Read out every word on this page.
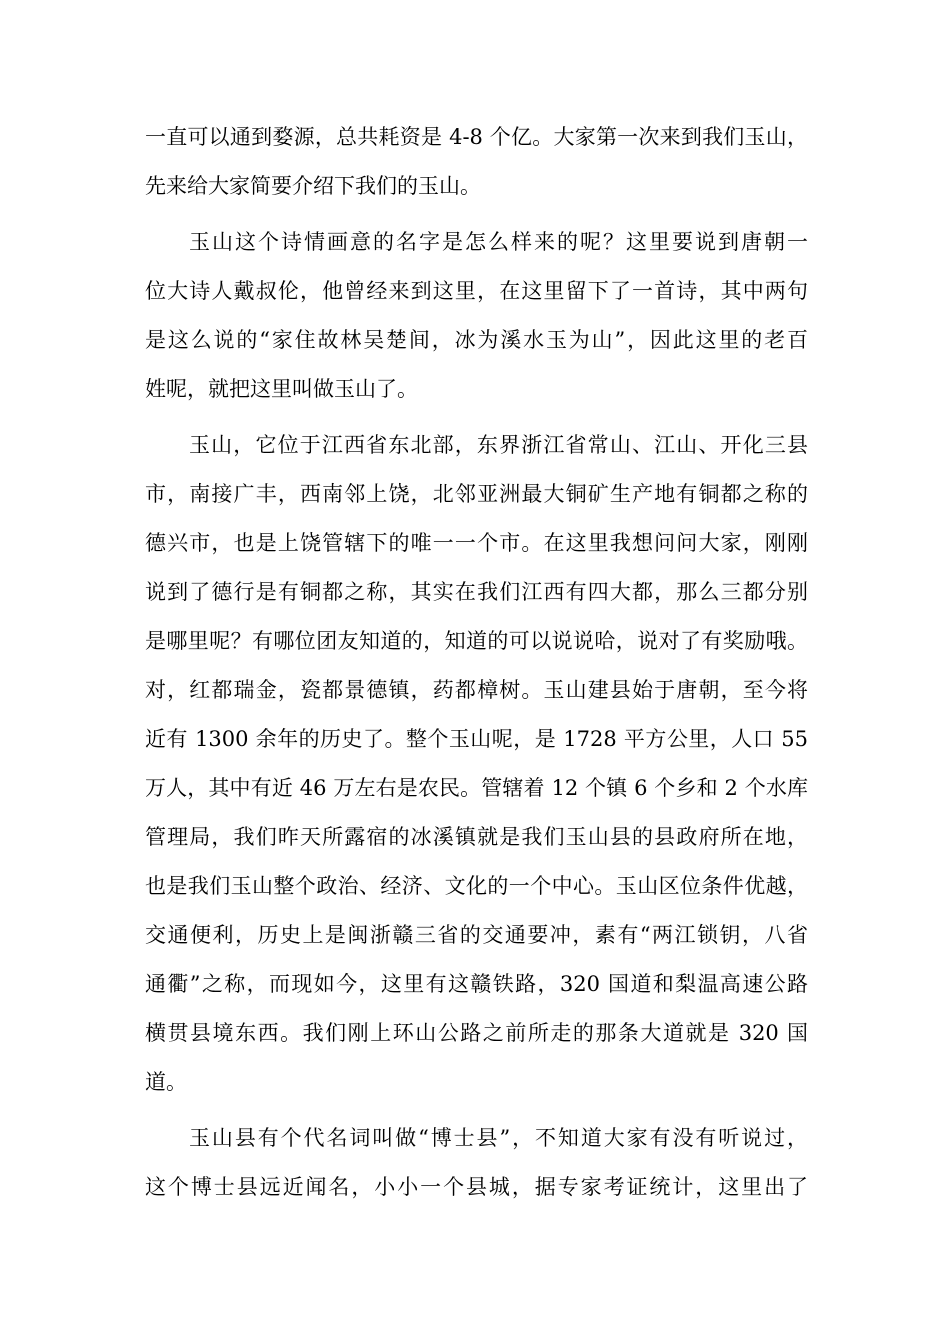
一直可以通到婺源，总共耗资是 4-8 个亿。大家第一次来到我们玉山，
先来给大家简要介绍下我们的玉山。
玉山这个诗情画意的名字是怎么样来的呢？这里要说到唐朝一
位大诗人戴叔伦，他曾经来到这里，在这里留下了一首诗，其中两句
是这么说的“家住故林吴楚间，冰为溪水玉为山”，因此这里的老百
姓呢，就把这里叫做玉山了。
玉山，它位于江西省东北部，东界浙江省常山、江山、开化三县
市，南接广丰，西南邻上饶，北邻亚洲最大铜矿生产地有铜都之称的
德兴市，也是上饶管辖下的唯一一个市。在这里我想问问大家，刚刚
说到了德行是有铜都之称，其实在我们江西有四大都，那么三都分别
是哪里呢？有哪位团友知道的，知道的可以说说哈，说对了有奖励哦。
对，红都瑞金，瓷都景德镇，药都樟树。玉山建县始于唐朝，至今将
近有 1300 余年的历史了。整个玉山呢，是 1728 平方公里，人口 55
万人，其中有近 46 万左右是农民。管辖着 12 个镇 6 个乡和 2 个水库
管理局，我们昨天所露宿的冰溪镇就是我们玉山县的县政府所在地，
也是我们玉山整个政治、经济、文化的一个中心。玉山区位条件优越，
交通便利，历史上是闽浙赣三省的交通要冲，素有“两江锁钥，八省
通衢”之称，而现如今，这里有这赣铁路，320 国道和梨温高速公路
横贯县境东西。我们刚上环山公路之前所走的那条大道就是 320 国
道。
玉山县有个代名词叫做“博士县”，不知道大家有没有听说过，
这个博士县远近闻名，小小一个县城，据专家考证统计，这里出了
